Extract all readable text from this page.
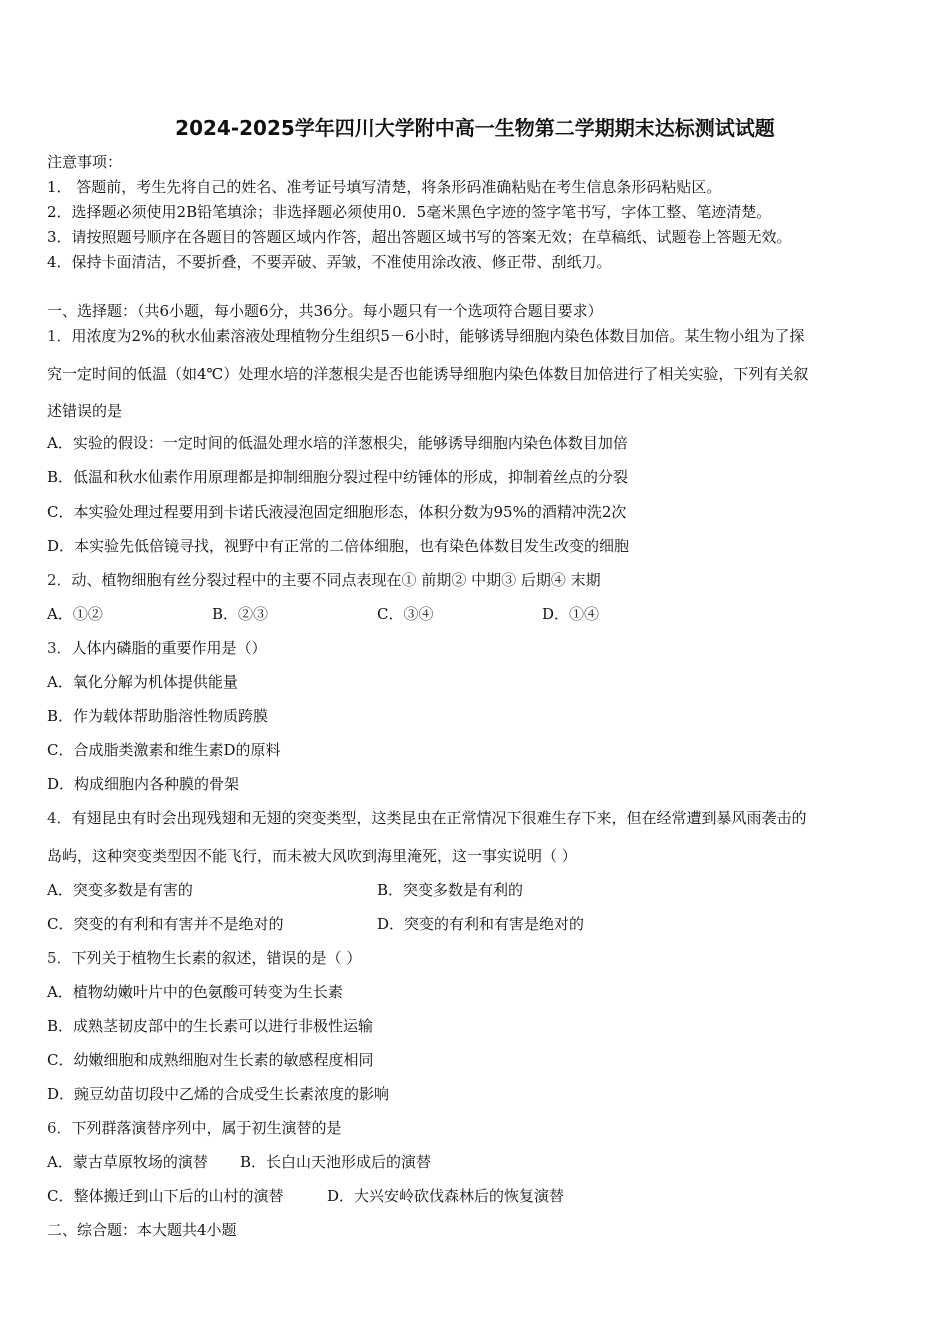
2024-2025学年四川大学附中高一生物第二学期期末达标测试试题
注意事项：
1． 答题前，考生先将自己的姓名、准考证号填写清楚，将条形码准确粘贴在考生信息条形码粘贴区。
2．选择题必须使用2B铅笔填涂；非选择题必须使用0．5毫米黑色字迹的签字笔书写，字体工整、笔迹清楚。
3．请按照题号顺序在各题目的答题区域内作答，超出答题区域书写的答案无效；在草稿纸、试题卷上答题无效。
4．保持卡面清洁，不要折叠，不要弄破、弄皱，不准使用涂改液、修正带、刮纸刀。
一、选择题：（共6小题，每小题6分，共36分。每小题只有一个选项符合题目要求）
1．用浓度为2%的秋水仙素溶液处理植物分生组织5－6小时，能够诱导细胞内染色体数目加倍。某生物小组为了探
究一定时间的低温（如4℃）处理水培的洋葱根尖是否也能诱导细胞内染色体数目加倍进行了相关实验，下列有关叙
述错误的是
A．实验的假设：一定时间的低温处理水培的洋葱根尖，能够诱导细胞内染色体数目加倍
B．低温和秋水仙素作用原理都是抑制细胞分裂过程中纺锤体的形成，抑制着丝点的分裂
C．本实验处理过程要用到卡诺氏液浸泡固定细胞形态，体积分数为95%的酒精冲洗2次
D．本实验先低倍镜寻找，视野中有正常的二倍体细胞，也有染色体数目发生改变的细胞
2．动、植物细胞有丝分裂过程中的主要不同点表现在① 前期② 中期③ 后期④ 末期
A．①②	B．②③	C．③④	D．①④
3．人体内磷脂的重要作用是（）
A．氧化分解为机体提供能量
B．作为载体帮助脂溶性物质跨膜
C．合成脂类激素和维生素D的原料
D．构成细胞内各种膜的骨架
4．有翅昆虫有时会出现残翅和无翅的突变类型，这类昆虫在正常情况下很难生存下来，但在经常遭到暴风雨袭击的
岛屿，这种突变类型因不能飞行，而未被大风吹到海里淹死，这一事实说明（ ）
A．突变多数是有害的	B．突变多数是有利的
C．突变的有利和有害并不是绝对的	D．突变的有利和有害是绝对的
5．下列关于植物生长素的叙述，错误的是（ ）
A．植物幼嫩叶片中的色氨酸可转变为生长素
B．成熟茎韧皮部中的生长素可以进行非极性运输
C．幼嫩细胞和成熟细胞对生长素的敏感程度相同
D．豌豆幼苗切段中乙烯的合成受生长素浓度的影响
6．下列群落演替序列中，属于初生演替的是
A．蒙古草原牧场的演替 B．长白山天池形成后的演替
C．整体搬迁到山下后的山村的演替	D．大兴安岭砍伐森林后的恢复演替
二、综合题：本大题共4小题
